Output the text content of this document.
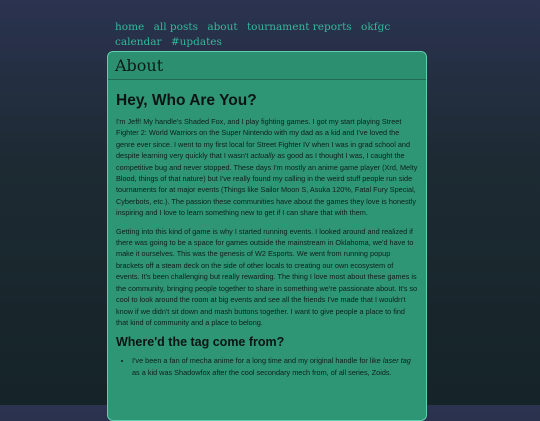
home all posts about tournament reports okfgc calendar #updates
About
Hey, Who Are You?

I'm Jeff! My handle's Shaded Fox, and I play fighting games. I got my start playing Street Fighter 2: World Warriors on the Super Nintendo with my dad as a kid and I've loved the genre ever since. I went to my first local for Street Fighter IV when I was in grad school and despite learning very quickly that I wasn't actually as good as I thought I was, I caught the competitive bug and never stopped. These days I'm mostly an anime game player (Xrd, Melty Blood, things of that nature) but I've really found my calling in the weird stuff people run side tournaments for at major events (Things like Sailor Moon S, Asuka 120%, Fatal Fury Special, Cyberbots, etc.). The passion these communities have about the games they love is honestly inspiring and I love to learn something new to get if I can share that with them.

Getting into this kind of game is why I started running events. I looked around and realized if there was going to be a space for games outside the mainstream in Oklahoma, we'd have to make it ourselves. This was the genesis of W2 Esports. We went from running popup brackets off a steam deck on the side of other locals to creating our own ecosystem of events. It's been challenging but really rewarding. The thing I love most about these games is the community, bringing people together to share in something we're passionate about. It's so cool to look around the room at big events and see all the friends I've made that I wouldn't know if we didn't sit down and mash buttons together. I want to give people a place to find that kind of community and a place to belong.

Where'd the tag come from?
• I've been a fan of mecha anime for a long time and my original handle for like laser tag as a kid was Shadowfox after the cool secondary mech from, of all series, Zoids.
